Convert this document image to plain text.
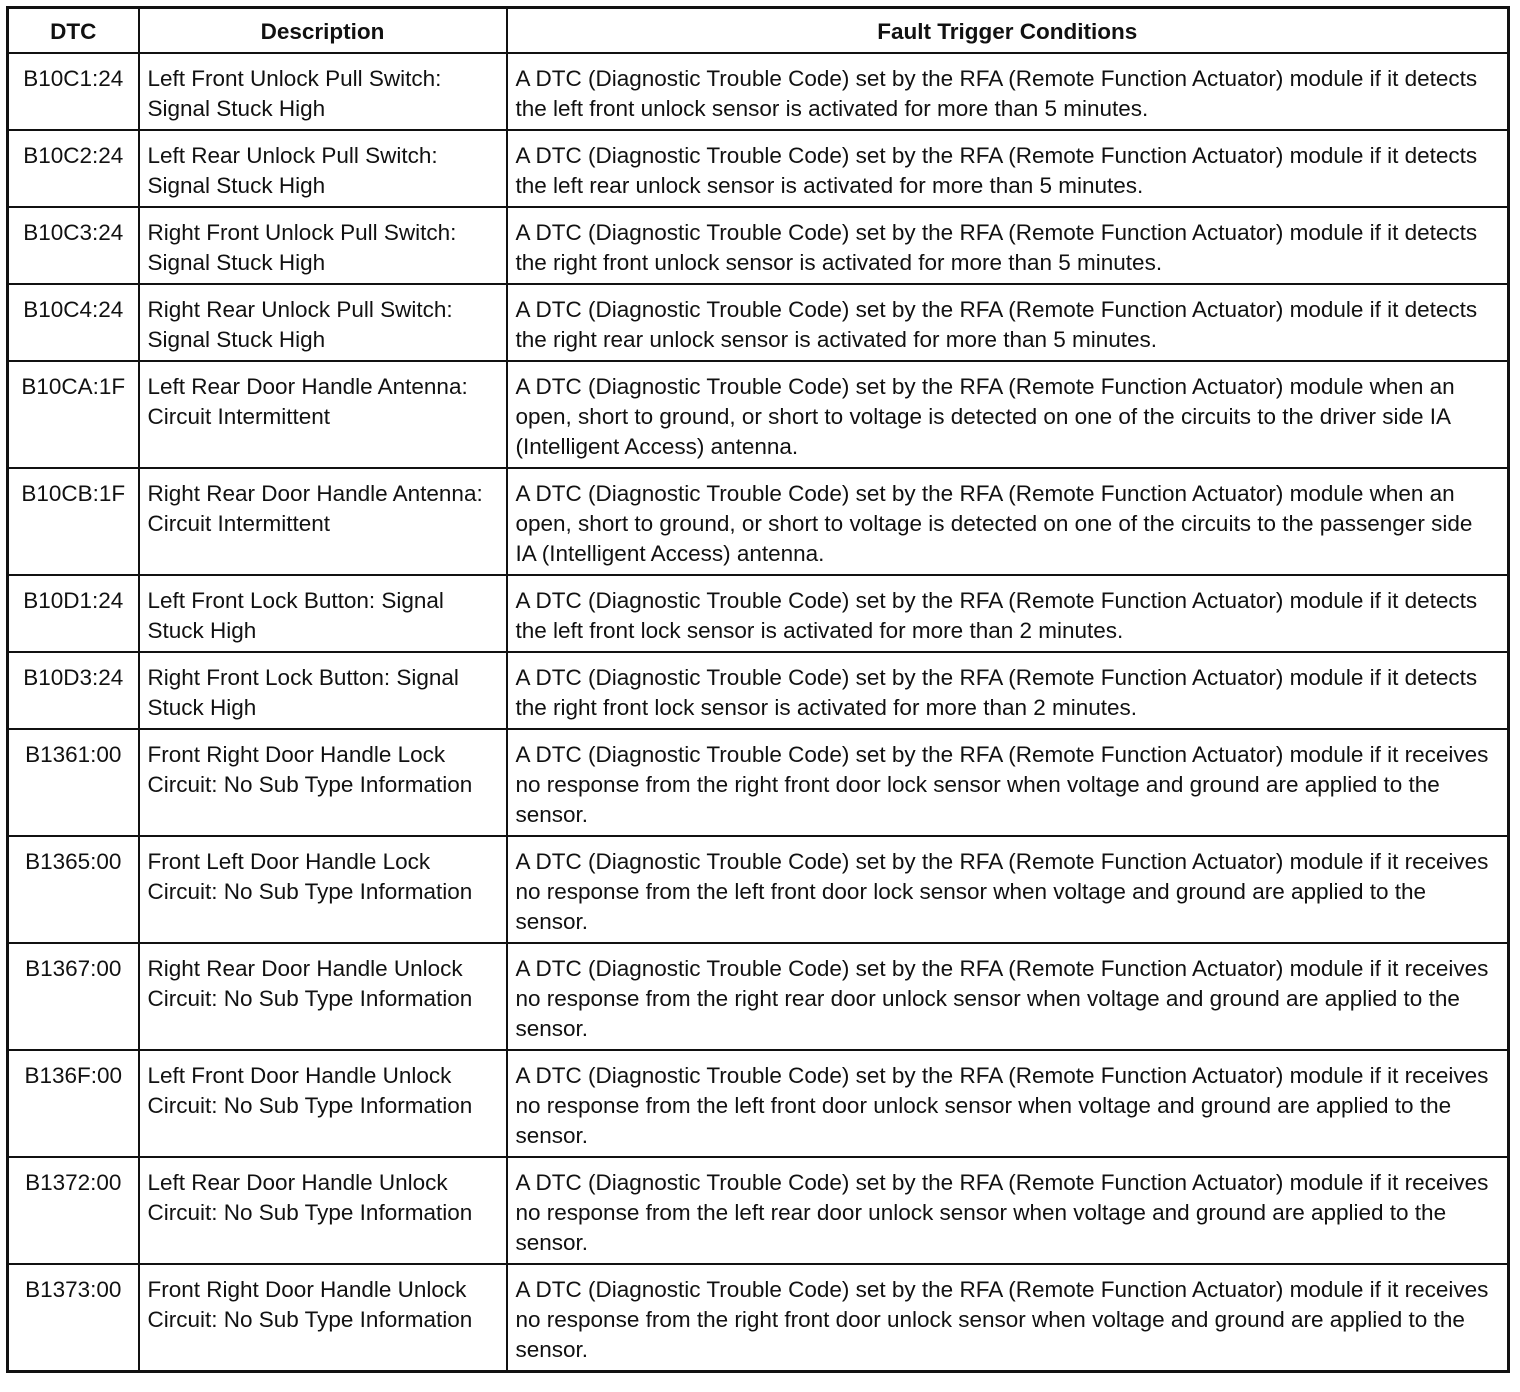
DTC	Description	Fault Trigger Conditions
B10C1:24	Left Front Unlock Pull Switch: Signal Stuck High	A DTC (Diagnostic Trouble Code) set by the RFA (Remote Function Actuator) module if it detects the left front unlock sensor is activated for more than 5 minutes.
B10C2:24	Left Rear Unlock Pull Switch: Signal Stuck High	A DTC (Diagnostic Trouble Code) set by the RFA (Remote Function Actuator) module if it detects the left rear unlock sensor is activated for more than 5 minutes.
B10C3:24	Right Front Unlock Pull Switch: Signal Stuck High	A DTC (Diagnostic Trouble Code) set by the RFA (Remote Function Actuator) module if it detects the right front unlock sensor is activated for more than 5 minutes.
B10C4:24	Right Rear Unlock Pull Switch: Signal Stuck High	A DTC (Diagnostic Trouble Code) set by the RFA (Remote Function Actuator) module if it detects the right rear unlock sensor is activated for more than 5 minutes.
B10CA:1F	Left Rear Door Handle Antenna: Circuit Intermittent	A DTC (Diagnostic Trouble Code) set by the RFA (Remote Function Actuator) module when an open, short to ground, or short to voltage is detected on one of the circuits to the driver side IA (Intelligent Access) antenna.
B10CB:1F	Right Rear Door Handle Antenna: Circuit Intermittent	A DTC (Diagnostic Trouble Code) set by the RFA (Remote Function Actuator) module when an open, short to ground, or short to voltage is detected on one of the circuits to the passenger side IA (Intelligent Access) antenna.
B10D1:24	Left Front Lock Button: Signal Stuck High	A DTC (Diagnostic Trouble Code) set by the RFA (Remote Function Actuator) module if it detects the left front lock sensor is activated for more than 2 minutes.
B10D3:24	Right Front Lock Button: Signal Stuck High	A DTC (Diagnostic Trouble Code) set by the RFA (Remote Function Actuator) module if it detects the right front lock sensor is activated for more than 2 minutes.
B1361:00	Front Right Door Handle Lock Circuit: No Sub Type Information	A DTC (Diagnostic Trouble Code) set by the RFA (Remote Function Actuator) module if it receives no response from the right front door lock sensor when voltage and ground are applied to the sensor.
B1365:00	Front Left Door Handle Lock Circuit: No Sub Type Information	A DTC (Diagnostic Trouble Code) set by the RFA (Remote Function Actuator) module if it receives no response from the left front door lock sensor when voltage and ground are applied to the sensor.
B1367:00	Right Rear Door Handle Unlock Circuit: No Sub Type Information	A DTC (Diagnostic Trouble Code) set by the RFA (Remote Function Actuator) module if it receives no response from the right rear door unlock sensor when voltage and ground are applied to the sensor.
B136F:00	Left Front Door Handle Unlock Circuit: No Sub Type Information	A DTC (Diagnostic Trouble Code) set by the RFA (Remote Function Actuator) module if it receives no response from the left front door unlock sensor when voltage and ground are applied to the sensor.
B1372:00	Left Rear Door Handle Unlock Circuit: No Sub Type Information	A DTC (Diagnostic Trouble Code) set by the RFA (Remote Function Actuator) module if it receives no response from the left rear door unlock sensor when voltage and ground are applied to the sensor.
B1373:00	Front Right Door Handle Unlock Circuit: No Sub Type Information	A DTC (Diagnostic Trouble Code) set by the RFA (Remote Function Actuator) module if it receives no response from the right front door unlock sensor when voltage and ground are applied to the sensor.
